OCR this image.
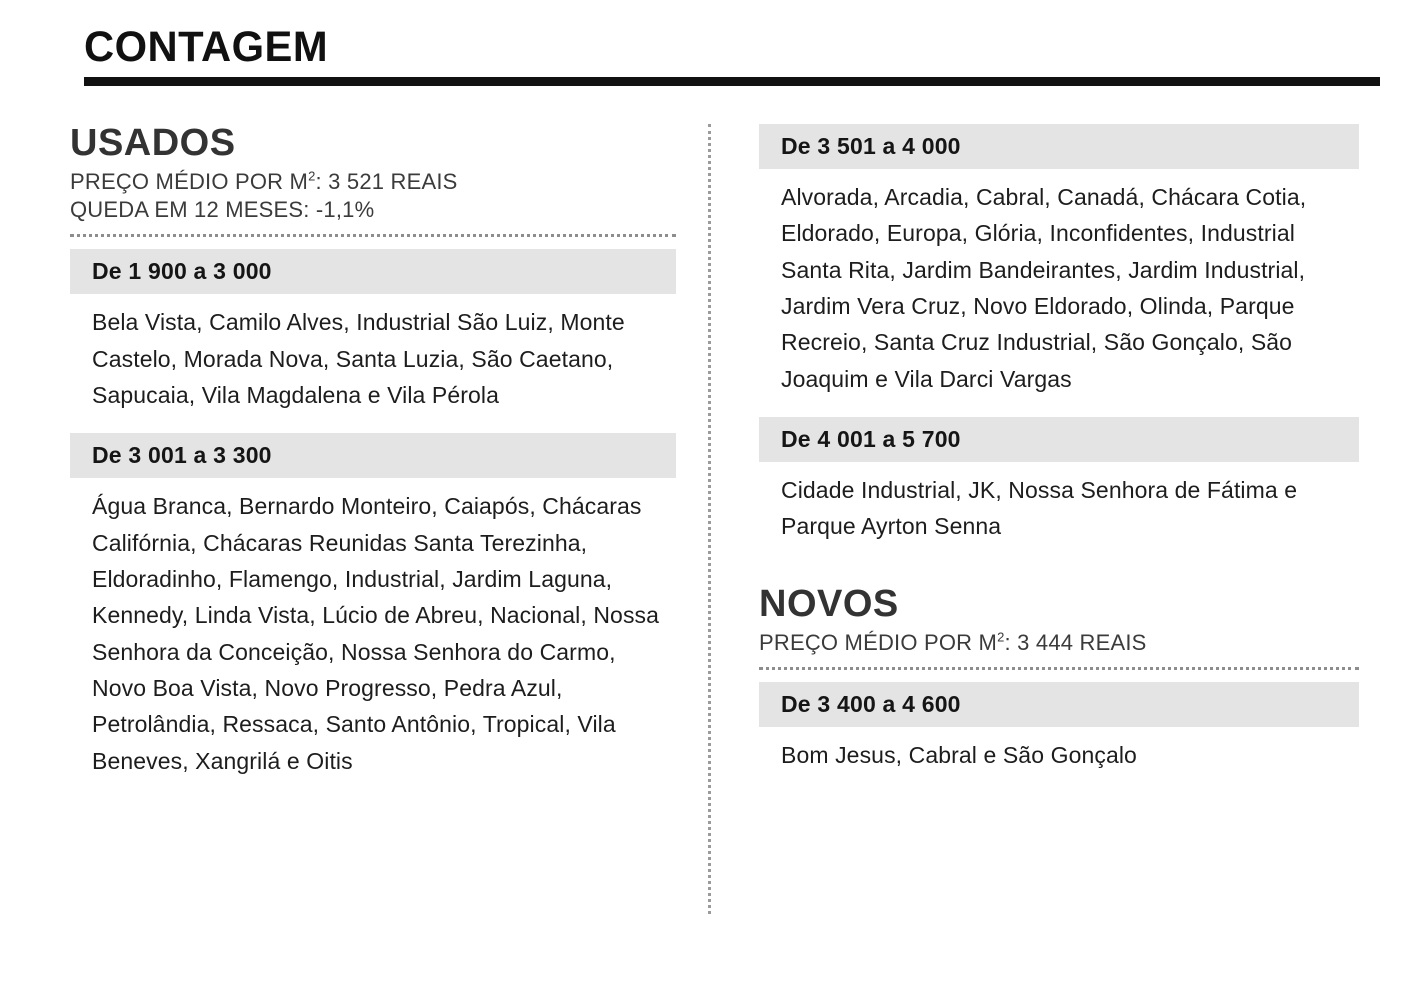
CONTAGEM
USADOS
PREÇO MÉDIO POR $M^2$: 3 521 REAIS
QUEDA EM 12 MESES: -1,1%
De 1 900 a 3 000
Bela Vista, Camilo Alves, Industrial São Luiz, Monte Castelo, Morada Nova, Santa Luzia, São Caetano, Sapucaia, Vila Magdalena e Vila Pérola
De 3 001 a 3 300
Água Branca, Bernardo Monteiro, Caiapós, Chácaras Califórnia, Chácaras Reunidas Santa Terezinha, Eldoradinho, Flamengo, Industrial, Jardim Laguna, Kennedy, Linda Vista, Lúcio de Abreu, Nacional, Nossa Senhora da Conceição, Nossa Senhora do Carmo, Novo Boa Vista, Novo Progresso, Pedra Azul, Petrolândia, Ressaca, Santo Antônio, Tropical, Vila Beneves, Xangrilá e Oitis
De 3 501 a 4 000
Alvorada, Arcadia, Cabral, Canadá, Chácara Cotia, Eldorado, Europa, Glória, Inconfidentes, Industrial Santa Rita, Jardim Bandeirantes, Jardim Industrial, Jardim Vera Cruz, Novo Eldorado, Olinda, Parque Recreio, Santa Cruz Industrial, São Gonçalo, São Joaquim e Vila Darci Vargas
De 4 001 a 5 700
Cidade Industrial, JK, Nossa Senhora de Fátima e Parque Ayrton Senna
NOVOS
PREÇO MÉDIO POR $M^2$: 3 444 REAIS
De 3 400 a 4 600
Bom Jesus, Cabral e São Gonçalo
